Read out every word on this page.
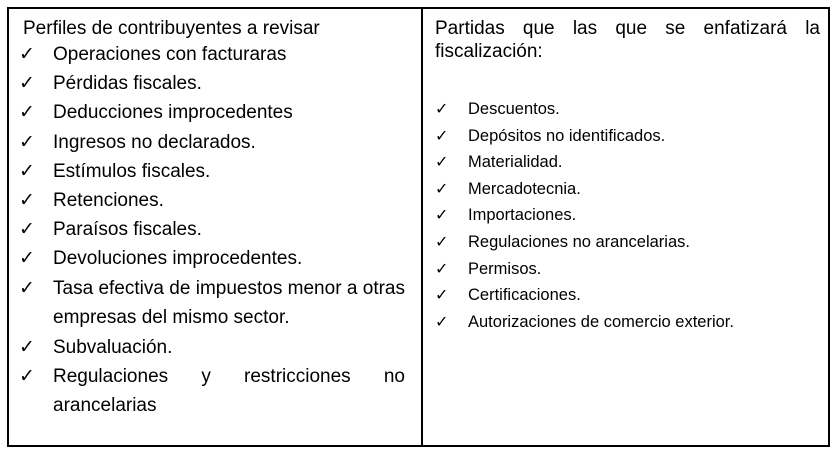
Perfiles de contribuyentes a revisar

✓ Operaciones con facturaras
✓ Pérdidas fiscales.
✓ Deducciones improcedentes
✓ Ingresos no declarados.
✓ Estímulos fiscales.
✓ Retenciones.
✓ Paraísos fiscales.
✓ Devoluciones improcedentes.
✓ Tasa efectiva de impuestos menor a otras empresas del mismo sector.
✓ Subvaluación.
✓ Regulaciones y restricciones no arancelarias

Partidas que las que se enfatizará la fiscalización:

✓	Descuentos.
✓	Depósitos no identificados.
✓	Materialidad.
✓	Mercadotecnia.
✓	Importaciones.
✓	Regulaciones no arancelarias.
✓	Permisos.
✓	Certificaciones.
✓	Autorizaciones de comercio exterior.
